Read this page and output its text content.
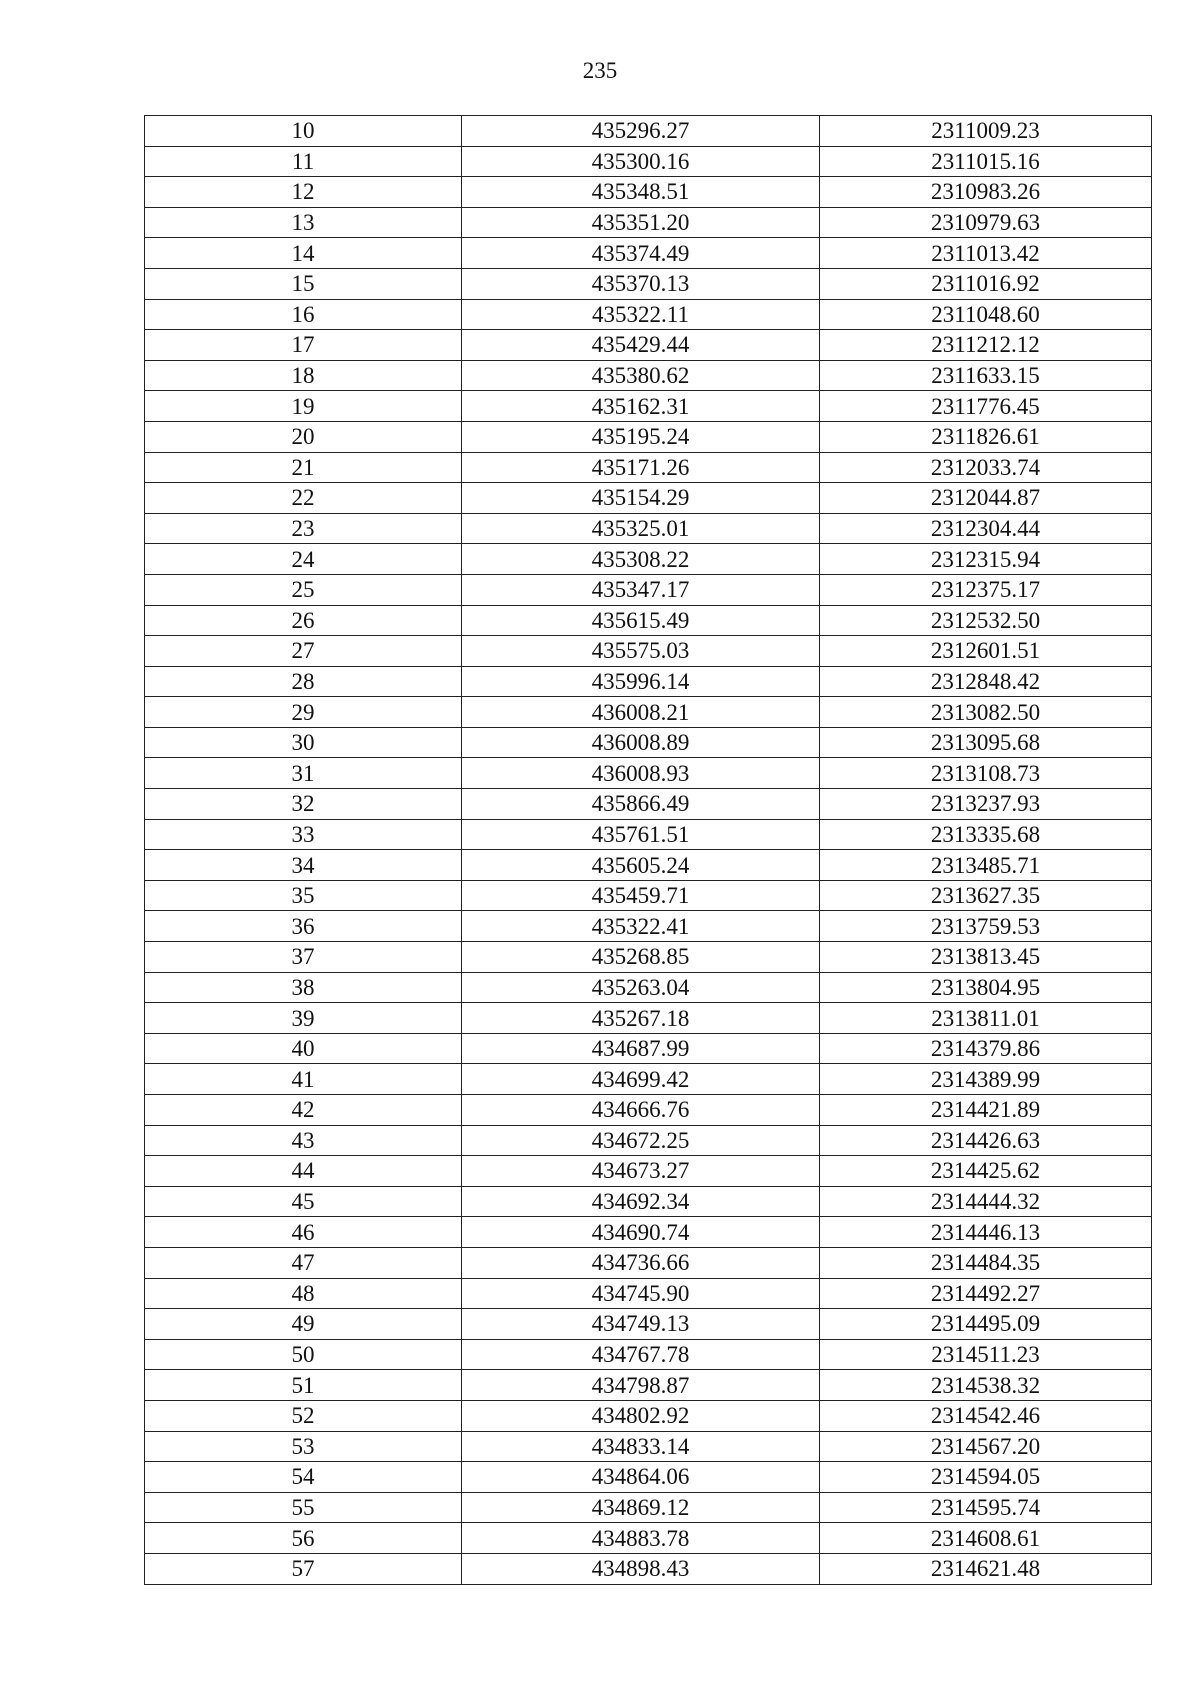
235
10	435296.27	2311009.23
11	435300.16	2311015.16
12	435348.51	2310983.26
13	435351.20	2310979.63
14	435374.49	2311013.42
15	435370.13	2311016.92
16	435322.11	2311048.60
17	435429.44	2311212.12
18	435380.62	2311633.15
19	435162.31	2311776.45
20	435195.24	2311826.61
21	435171.26	2312033.74
22	435154.29	2312044.87
23	435325.01	2312304.44
24	435308.22	2312315.94
25	435347.17	2312375.17
26	435615.49	2312532.50
27	435575.03	2312601.51
28	435996.14	2312848.42
29	436008.21	2313082.50
30	436008.89	2313095.68
31	436008.93	2313108.73
32	435866.49	2313237.93
33	435761.51	2313335.68
34	435605.24	2313485.71
35	435459.71	2313627.35
36	435322.41	2313759.53
37	435268.85	2313813.45
38	435263.04	2313804.95
39	435267.18	2313811.01
40	434687.99	2314379.86
41	434699.42	2314389.99
42	434666.76	2314421.89
43	434672.25	2314426.63
44	434673.27	2314425.62
45	434692.34	2314444.32
46	434690.74	2314446.13
47	434736.66	2314484.35
48	434745.90	2314492.27
49	434749.13	2314495.09
50	434767.78	2314511.23
51	434798.87	2314538.32
52	434802.92	2314542.46
53	434833.14	2314567.20
54	434864.06	2314594.05
55	434869.12	2314595.74
56	434883.78	2314608.61
57	434898.43	2314621.48
